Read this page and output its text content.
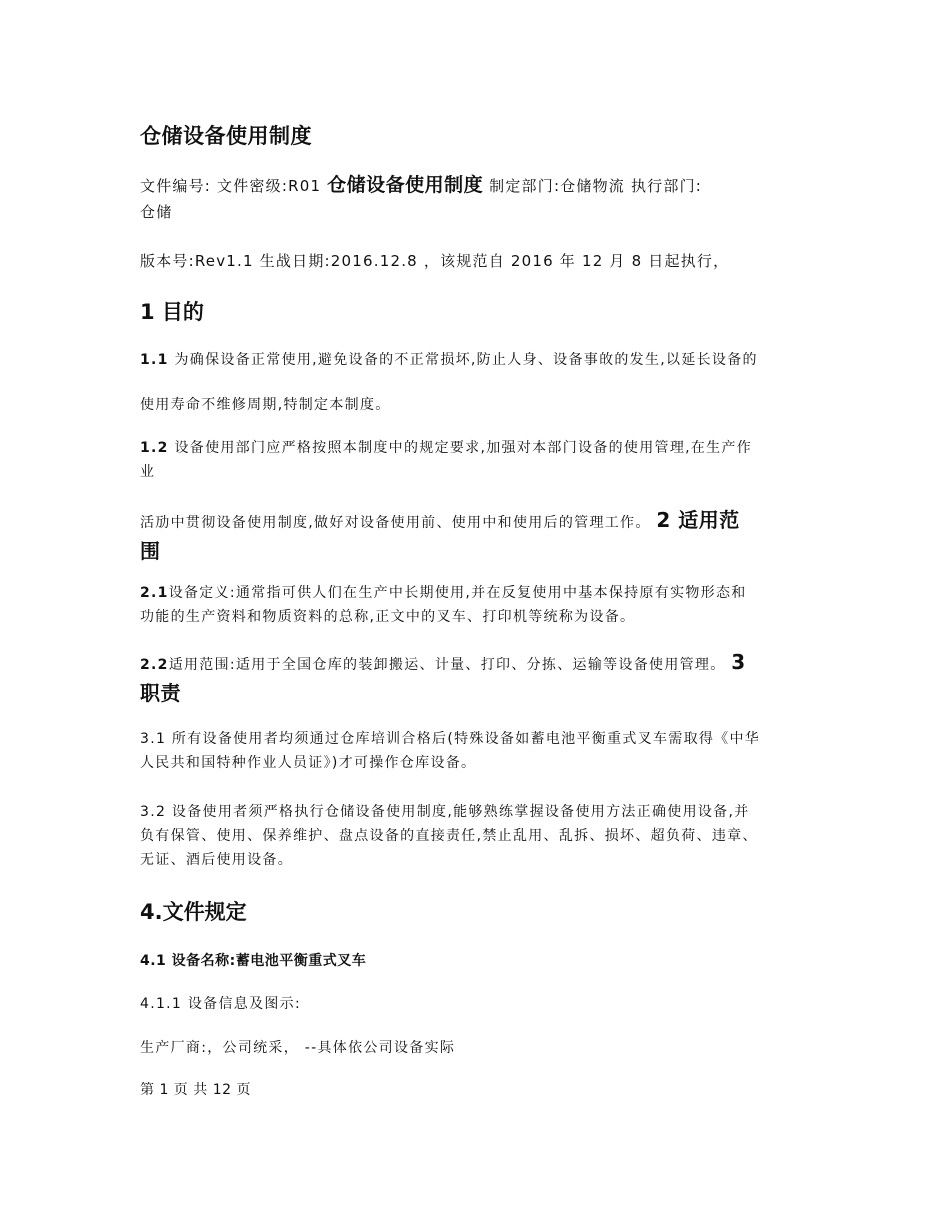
仓储设备使用制度
文件编号: 文件密级:R01 仓储设备使用制度 制定部门:仓储物流 执行部门:
仓储
版本号:Rev1.1 生战日期:2016.12.8 ，该规范自 2016 年 12 月 8 日起执行，
1 目的

1.1 为确保设备正常使用,避免设备的不正常损坏,防止人身、设备事敀的发生,以延长设备的

使用寿命不维修周期,特制定本制度。

1.2 设备使用部门应严格按照本制度中的规定要求,加强对本部门设备的使用管理,在生产作
业

活劢中贯彻设备使用制度,做好对设备使用前、使用中和使用后的管理工作。 2 适用范
围

2.1设备定义:通常指可供人们在生产中长期使用,并在反复使用中基本保持原有实物形态和
功能的生产资料和物质资料的总称,正文中的叉车、打印机等统称为设备。

2.2适用范围:适用于全国仓库的装卸搬运、计量、打印、分拣、运输等设备使用管理。 3
职责

3.1 所有设备使用者均须通过仓库培训合格后(特殊设备如蓄电池平衡重式叉车需取得《中华
人民共和国特种作业人员证》)才可操作仓库设备。

3.2 设备使用者须严格执行仓储设备使用制度,能够熟练掌握设备使用方法正确使用设备,并
负有保管、使用、保养维护、盘点设备的直接责任,禁止乱用、乱拆、损坏、超负荷、违章、
无证、酒后使用设备。

4.文件规定
4.1 设备名称:蓄电池平衡重式叉车

4.1.1 设备信息及图示:

生产厂商:，公司统采， --具体依公司设备实际

第 1 页 共 12 页
